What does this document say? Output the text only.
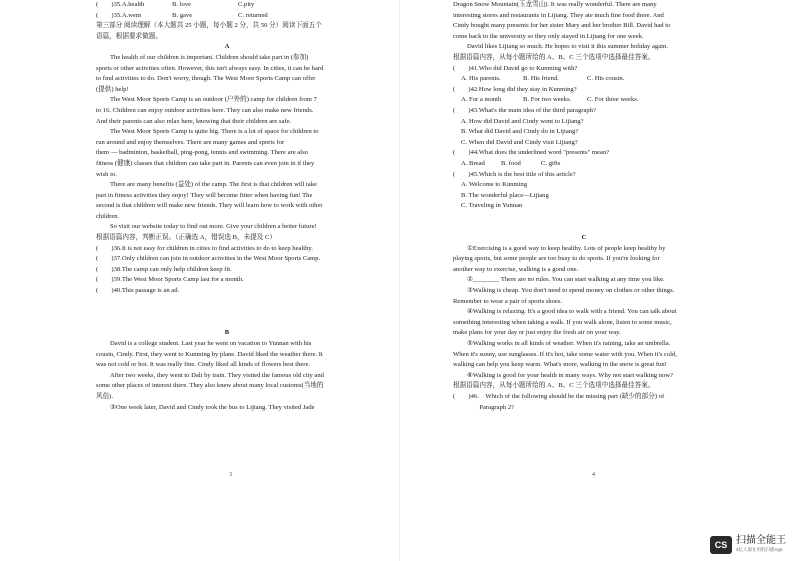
(　　)35.A.health	B. love	C.pity
(　　)35.A.went	B. gave	C. returned
第三部分 阅读理解（本大题共 25 小题，每小题 2 分，共 50 分）阅读下面五个
语篇，根据要求做题。
A
The health of our children is important. Children should take part in (参加)
sports or other activities often. However, this isn't always easy. In cities, it can be hard
to find activities to do. Don't worry, though. The West Moor Sports Camp can offer
(提供) help!
The West Moor Sports Camp is an outdoor (户外的) camp for children from 7
to 16. Children can enjoy outdoor activities here. They can also make new friends.
And their parents can also relax here, knowing that their children are safe.
The West Moor Sports Camp is quite big. There is a lot of space for children to
run around and enjoy themselves. There are many games and sports for
them — badminton, basketball, ping-pong, tennis and swimming. There are also
fitness (健康) classes that children can take part in. Parents can even join in if they
wish to.
There are many benefits (益处) of the camp. The first is that children will take
part in fitness activities they enjoy! They will become fitter when having fun! The
second is that children will make new friends. They will learn how to work with other
children.
So visit our website today to find out more. Give your children a better future!
根据语篇内容，判断正误。（正确选 A，错误选 B，未提及 C）
(　　)36.It is not easy for children in cities to find activities to do to keep healthy.
(　　)37.Only children can join in outdoor activities in the West Moor Sports Camp.
(　　)38.The camp can only help children keep fit.
(　　)39.The West Moor Sports Camp last for a month.
(　　)40.This passage is an ad.

B
David is a college student. Last year he went on vacation to Yunnan with his
cousin, Cindy. First, they went to Kunming by plane. David liked the weather there. It
was not cold or hot. It was really fine. Cindy liked all kinds of flowers best there.
After two weeks, they went to Dali by train. They visited the famous old city and
some other places of interest there. They also knew about many local customs(当地的
风俗).
③One week later, David and Cindy took the bus to Lijiang. They visited Jade
Dragon Snow Mountain(玉龙雪山). It was really wonderful. There are many
interesting stores and restaurants in Lijiang. They ate much fine food there. And
Cindy bought many presents for her sister Mary and her brother Bill. David had to
come back to the university so they only stayed in Lijiang for one week.
David likes Lijiang so much. He hopes to visit it this summer holiday again.
根据语篇内容，从每小题所给的 A、B、C 三个选项中选择最佳答案。
(　　)41.Who did David go to Kunming with?
A. His parents.	B. His friend.	C. His cousin.
(　　)42.How long did they stay in Kunming?
A. For a month	B. For two weeks.	C. For three weeks.
(　　)43.What's the main idea of the third paragraph?
A. How did David and Cindy went to Lijiang?
B. What did David and Cindy do in Lijiang?
C. When did David and Cindy visit Lijiang?
(　　)44.What does the underlined word "presents" mean?
A. Bread	B. food	C. gifts
(　　)45.Which is the best title of this article?
A. Welcome to Kunming
B. The wonderful place—Lijiang
C. Traveling in Yunnan

C
①Exercising is a good way to keep healthy. Lots of people keep healthy by
playing sports, but some people are too busy to do sports. If you're looking for
another way to exercise, walking is a good one.
②________ There are no rules. You can start walking at any time you like.
③Walking is cheap. You don't need to spend money on clothes or other things.
Remember to wear a pair of sports shoes.
④Walking is relaxing. It's a good idea to walk with a friend. You can talk about
something interesting when taking a walk. If you walk alone, listen to some music,
make plans for your day or just enjoy the fresh air on your way.
⑤Walking works in all kinds of weather. When it's raining, take an umbrella.
When it's sunny, use sunglasses. If it's hot, take some water with you. When it's cold,
walking can help you keep warm. What's more, walking in the snow is great fun!
⑥Walking is good for your health in many ways. Why not start walking now?
根据语篇内容，从每小题所给的 A、B、C 三个选项中选择最佳答案。
(　　)46.　Which of the following should be the missing part (缺少的部分) of
　　　　Paragraph 2?
3	4
CS 扫描全能王
3亿人都在用的扫描App
